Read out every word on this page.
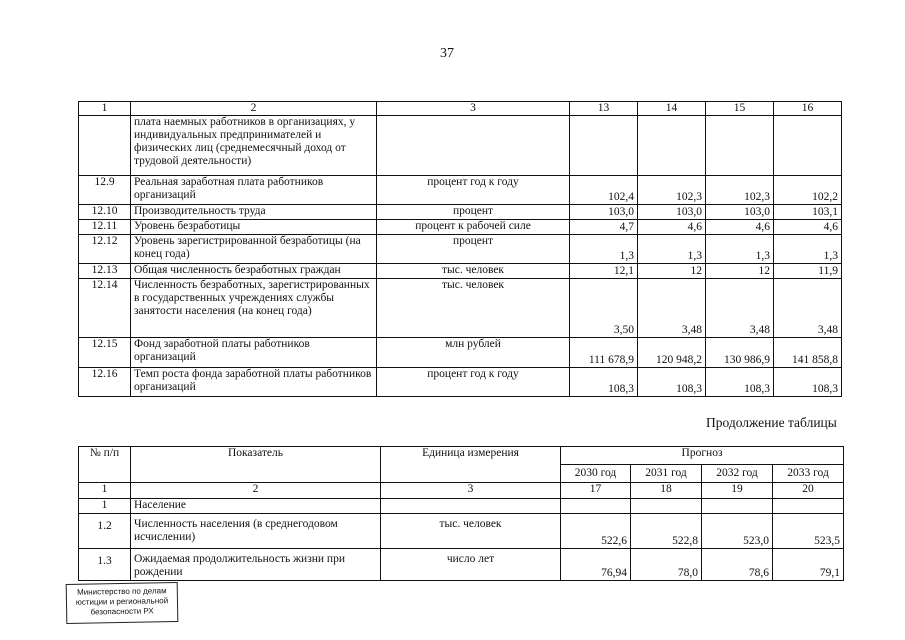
37
1	2	3	13	14	15	16
	плата наемных работников в организациях, у индивидуальных предпринимателей и физических лиц (среднемесячный доход от трудовой деятельности)					
12.9	Реальная заработная плата работников организаций	процент год к году	102,4	102,3	102,3	102,2
12.10	Производительность труда	процент	103,0	103,0	103,0	103,1
12.11	Уровень безработицы	процент к рабочей силе	4,7	4,6	4,6	4,6
12.12	Уровень зарегистрированной безработицы (на конец года)	процент	1,3	1,3	1,3	1,3
12.13	Общая численность безработных граждан	тыс. человек	12,1	12	12	11,9
12.14	Численность безработных, зарегистрированных в государственных учреждениях службы занятости населения (на конец года)	тыс. человек	3,50	3,48	3,48	3,48
12.15	Фонд заработной платы работников организаций	млн рублей	111 678,9	120 948,2	130 986,9	141 858,8
12.16	Темп роста фонда заработной платы работников организаций	процент год к году	108,3	108,3	108,3	108,3
Продолжение таблицы
№ п/п	Показатель	Единица измерения	Прогноз			
			2030 год	2031 год	2032 год	2033 год
1	2	3	17	18	19	20
1	Население					
1.2	Численность населения (в среднегодовом исчислении)	тыс. человек	522,6	522,8	523,0	523,5
1.3	Ожидаемая продолжительность жизни при рождении	число лет	76,94	78,0	78,6	79,1
Министерство по делам
юстиции и региональной
безопасности РХ
